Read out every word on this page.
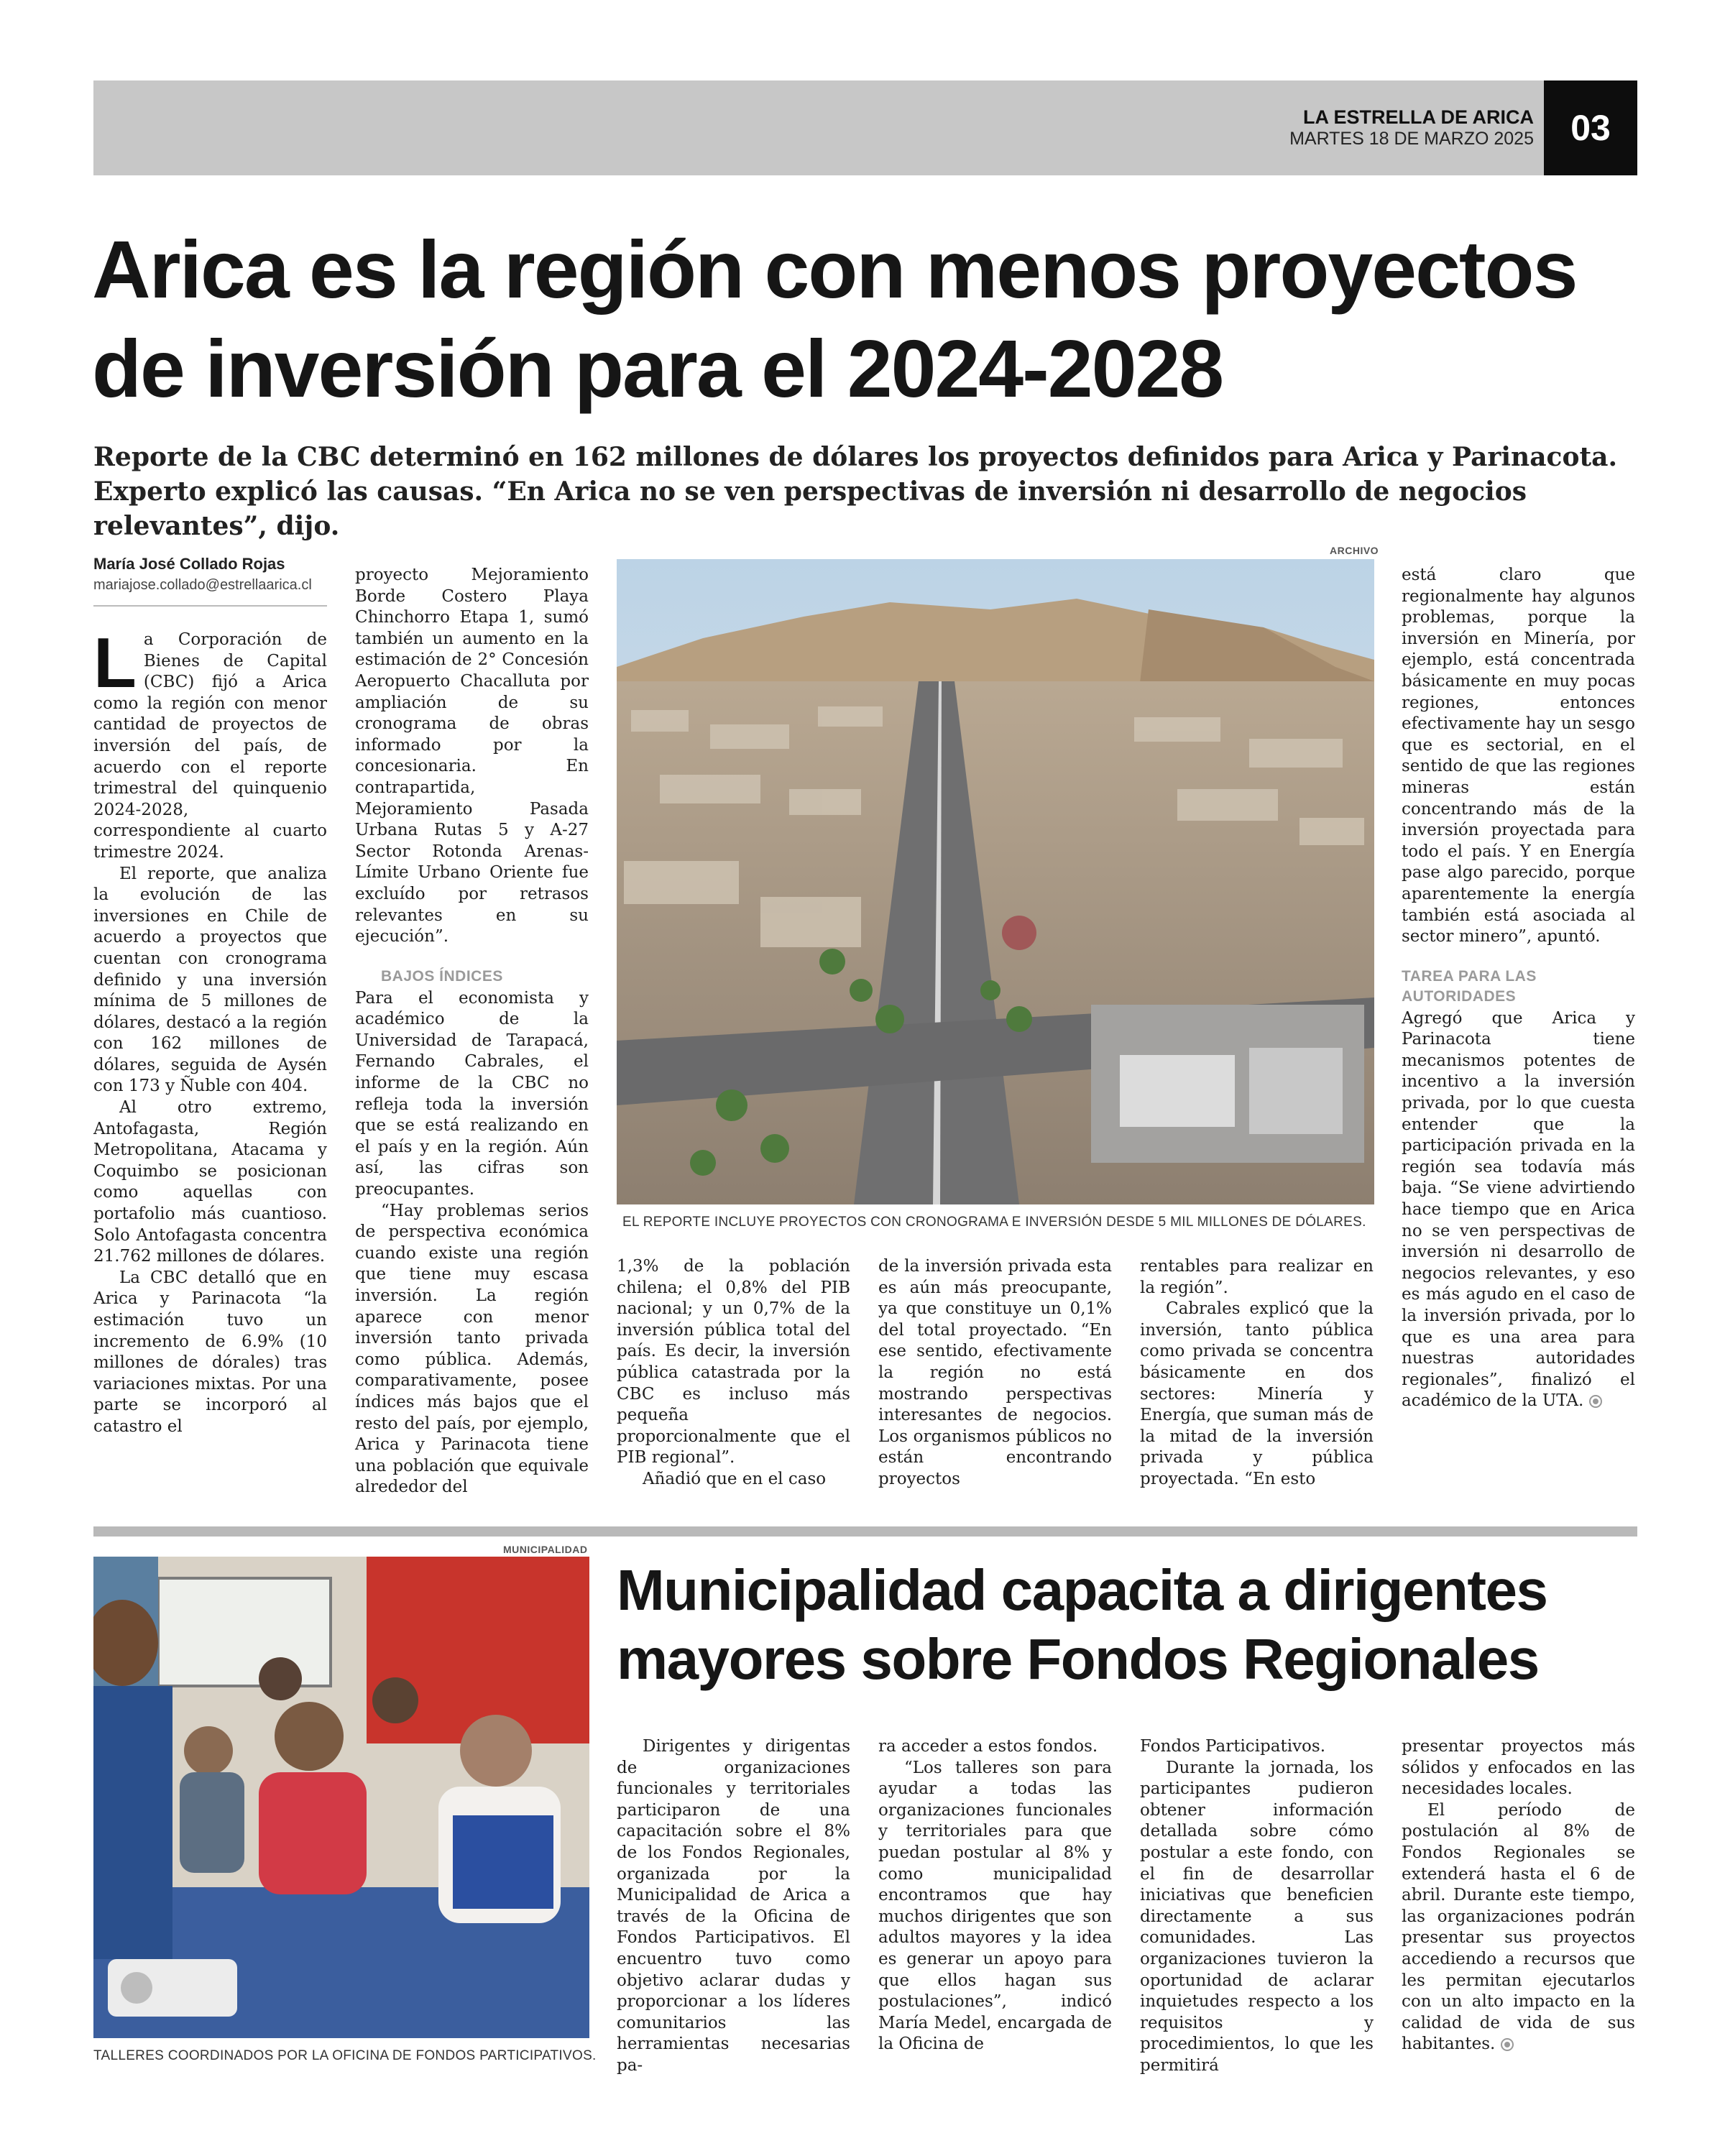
LA ESTRELLA DE ARICA
MARTES 18 DE MARZO 2025	03
Arica es la región con menos proyectos
de inversión para el 2024-2028
Reporte de la CBC determinó en 162 millones de dólares los proyectos definidos para Arica y Parinacota. Experto explicó las causas. “En Arica no se ven perspectivas de inversión ni desarrollo de negocios relevantes”, dijo.
María José Collado Rojas
mariajose.collado@estrellaarica.cl

La Corporación de Bienes de Capital (CBC) fijó a Arica como la región con menor cantidad de proyectos de inversión del país, de acuerdo con el reporte trimestral del quinquenio 2024-2028, correspondiente al cuarto trimestre 2024.

El reporte, que analiza la evolución de las inversiones en Chile de acuerdo a proyectos que cuentan con cronograma definido y una inversión mínima de 5 millones de dólares, destacó a la región con 162 millones de dólares, seguida de Aysén con 173 y Ñuble con 404.

Al otro extremo, Antofagasta, Región Metropolitana, Atacama y Coquimbo se posicionan como aquellas con portafolio más cuantioso. Solo Antofagasta concentra 21.762 millones de dólares.

La CBC detalló que en Arica y Parinacota “la estimación tuvo un incremento de 6.9% (10 millones de dórales) tras variaciones mixtas. Por una parte se incorporó al catastro el

proyecto Mejoramiento Borde Costero Playa Chinchorro Etapa 1, sumó también un aumento en la estimación de 2° Concesión Aeropuerto Chacalluta por ampliación de su cronograma de obras informado por la concesionaria. En contrapartida, Mejoramiento Pasada Urbana Rutas 5 y A-27 Sector Rotonda Arenas-Límite Urbano Oriente fue excluído por retrasos relevantes en su ejecución”.

BAJOS ÍNDICES

Para el economista y académico de la Universidad de Tarapacá, Fernando Cabrales, el informe de la CBC no refleja toda la inversión que se está realizando en el país y en la región. Aún así, las cifras son preocupantes.

“Hay problemas serios de perspectiva económica cuando existe una región que tiene muy escasa inversión. La región aparece con menor inversión tanto privada como pública. Además, comparativamente, posee índices más bajos que el resto del país, por ejemplo, Arica y Parinacota tiene una población que equivale alrededor del

ARCHIVO
EL REPORTE INCLUYE PROYECTOS CON CRONOGRAMA E INVERSIÓN DESDE 5 MIL MILLONES DE DÓLARES.

1,3% de la población chilena; el 0,8% del PIB nacional; y un 0,7% de la inversión pública total del país. Es decir, la inversión pública catastrada por la CBC es incluso más pequeña proporcionalmente que el PIB regional”.

Añadió que en el caso

de la inversión privada esta es aún más preocupante, ya que constituye un 0,1% del total proyectado. “En ese sentido, efectivamente la región no está mostrando perspectivas interesantes de negocios. Los organismos públicos no están encontrando proyectos

rentables para realizar en la región”.

Cabrales explicó que la inversión, tanto pública como privada se concentra básicamente en dos sectores: Minería y Energía, que suman más de la mitad de la inversión privada y pública proyectada. “En esto

está claro que regionalmente hay algunos problemas, porque la inversión en Minería, por ejemplo, está concentrada básicamente en muy pocas regiones, entonces efectivamente hay un sesgo que es sectorial, en el sentido de que las regiones mineras están concentrando más de la inversión proyectada para todo el país. Y en Energía pase algo parecido, porque aparentemente la energía también está asociada al sector minero”, apuntó.

TAREA PARA LAS
AUTORIDADES

Agregó que Arica y Parinacota tiene mecanismos potentes de incentivo a la inversión privada, por lo que cuesta entender que la participación privada en la región sea todavía más baja. “Se viene advirtiendo hace tiempo que en Arica no se ven perspectivas de inversión ni desarrollo de negocios relevantes, y eso es más agudo en el caso de la inversión privada, por lo que es una area para nuestras autoridades regionales”, finalizó el académico de la UTA.

MUNICIPALIDAD
TALLERES COORDINADOS POR LA OFICINA DE FONDOS PARTICIPATIVOS.
Municipalidad capacita a dirigentes
mayores sobre Fondos Regionales

Dirigentes y dirigentas de organizaciones funcionales y territoriales participaron de una capacitación sobre el 8% de los Fondos Regionales, organizada por la Municipalidad de Arica a través de la Oficina de Fondos Participativos. El encuentro tuvo como objetivo aclarar dudas y proporcionar a los líderes comunitarios las herramientas necesarias pa-

ra acceder a estos fondos.

“Los talleres son para ayudar a todas las organizaciones funcionales y territoriales para que puedan postular al 8% y como municipalidad encontramos que hay muchos dirigentes que son adultos mayores y la idea es generar un apoyo para que ellos hagan sus postulaciones”, indicó María Medel, encargada de la Oficina de

Fondos Participativos.

Durante la jornada, los participantes pudieron obtener información detallada sobre cómo postular a este fondo, con el fin de desarrollar iniciativas que beneficien directamente a sus comunidades. Las organizaciones tuvieron la oportunidad de aclarar inquietudes respecto a los requisitos y procedimientos, lo que les permitirá

presentar proyectos más sólidos y enfocados en las necesidades locales.

El período de postulación al 8% de Fondos Regionales se extenderá hasta el 6 de abril. Durante este tiempo, las organizaciones podrán presentar sus proyectos accediendo a recursos que les permitan ejecutarlos con un alto impacto en la calidad de vida de sus habitantes.
